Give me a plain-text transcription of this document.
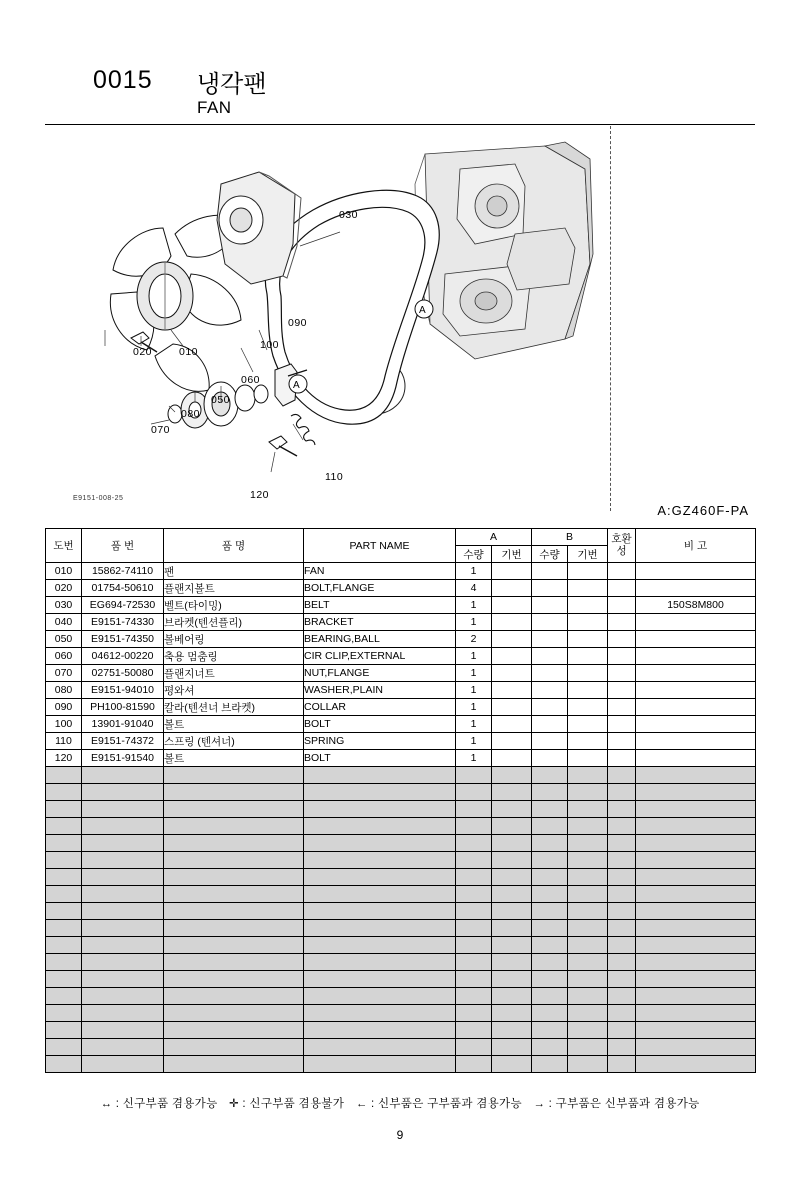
0015 냉각팬
FAN
A
A
030
020	010
090
100
060
050
080
070
110
120
E9151-008-25
A:GZ460F-PA
도번	품 번	품 명	PART NAME	A		B		호환성	비 고
				수량	기번	수량	기번		
010	15862-74110	팬	FAN	1					
020	01754-50610	플랜지볼트	BOLT,FLANGE	4					
030	EG694-72530	벨트(타이밍)	BELT	1					150S8M800
040	E9151-74330	브라켓(텐션플리)	BRACKET	1					
050	E9151-74350	볼베어링	BEARING,BALL	2					
060	04612-00220	축용 멈춤링	CIR CLIP,EXTERNAL	1					
070	02751-50080	플랜지너트	NUT,FLANGE	1					
080	E9151-94010	평와셔	WASHER,PLAIN	1					
090	PH100-81590	칼라(텐션너 브라켓)	COLLAR	1					
100	13901-91040	볼트	BOLT	1					
110	E9151-74372	스프링 (텐셔너)	SPRING	1					
120	E9151-91540	볼트	BOLT	1					

↔ : 신구부품 겸용가능 ✛ : 신구부품 겸용불가 ← : 신부품은 구부품과 겸용가능 → : 구부품은 신부품과 겸용가능
9
